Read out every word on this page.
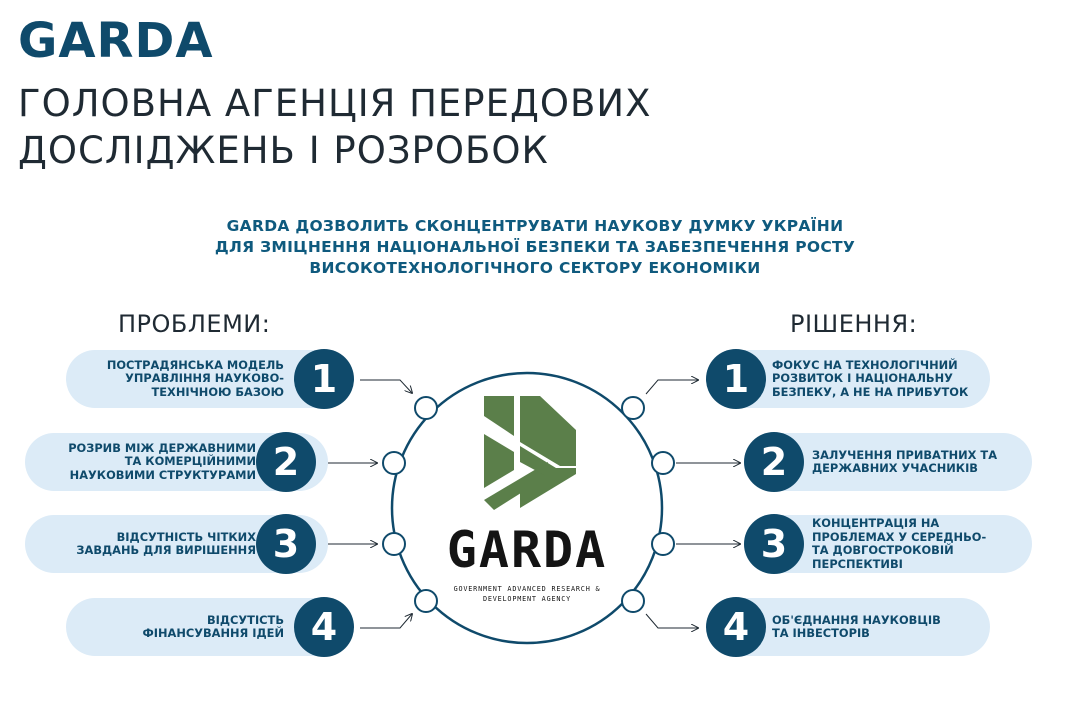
GARDA
ГОЛОВНА АГЕНЦІЯ ПЕРЕДОВИХ
ДОСЛІДЖЕНЬ І РОЗРОБОК
GARDA ДОЗВОЛИТЬ СКОНЦЕНТРУВАТИ НАУКОВУ ДУМКУ УКРАЇНИ
ДЛЯ ЗМІЦНЕННЯ НАЦІОНАЛЬНОЇ БЕЗПЕКИ ТА ЗАБЕЗПЕЧЕННЯ РОСТУ
ВИСОКОТЕХНОЛОГІЧНОГО СЕКТОРУ ЕКОНОМІКИ
ПРОБЛЕМИ:	РІШЕННЯ:
GARDA
GOVERNMENT ADVANCED RESEARCH &
DEVELOPMENT AGENCY
ПОСТРАДЯНСЬКА МОДЕЛЬ
УПРАВЛІННЯ НАУКОВО-
ТЕХНІЧНОЮ БАЗОЮ 1
РОЗРИВ МІЖ ДЕРЖАВНИМИ
ТА КОМЕРЦІЙНИМИ
НАУКОВИМИ СТРУКТУРАМИ 2
ВІДСУТНІСТЬ ЧІТКИХ
ЗАВДАНЬ ДЛЯ ВИРІШЕННЯ 3
ВІДСУТІСТЬ
ФІНАНСУВАННЯ ІДЕЙ 4
ФОКУС НА ТЕХНОЛОГІЧНИЙ
РОЗВИТОК І НАЦІОНАЛЬНУ
БЕЗПЕКУ, А НЕ НА ПРИБУТОК
1
ЗАЛУЧЕННЯ ПРИВАТНИХ ТА
ДЕРЖАВНИХ УЧАСНИКІВ
2
КОНЦЕНТРАЦІЯ НА
ПРОБЛЕМАХ У СЕРЕДНЬО-
ТА ДОВГОСТРОКОВІЙ
ПЕРСПЕКТИВІ
3
ОБ'ЄДНАННЯ НАУКОВЦІВ
ТА ІНВЕСТОРІВ
4
